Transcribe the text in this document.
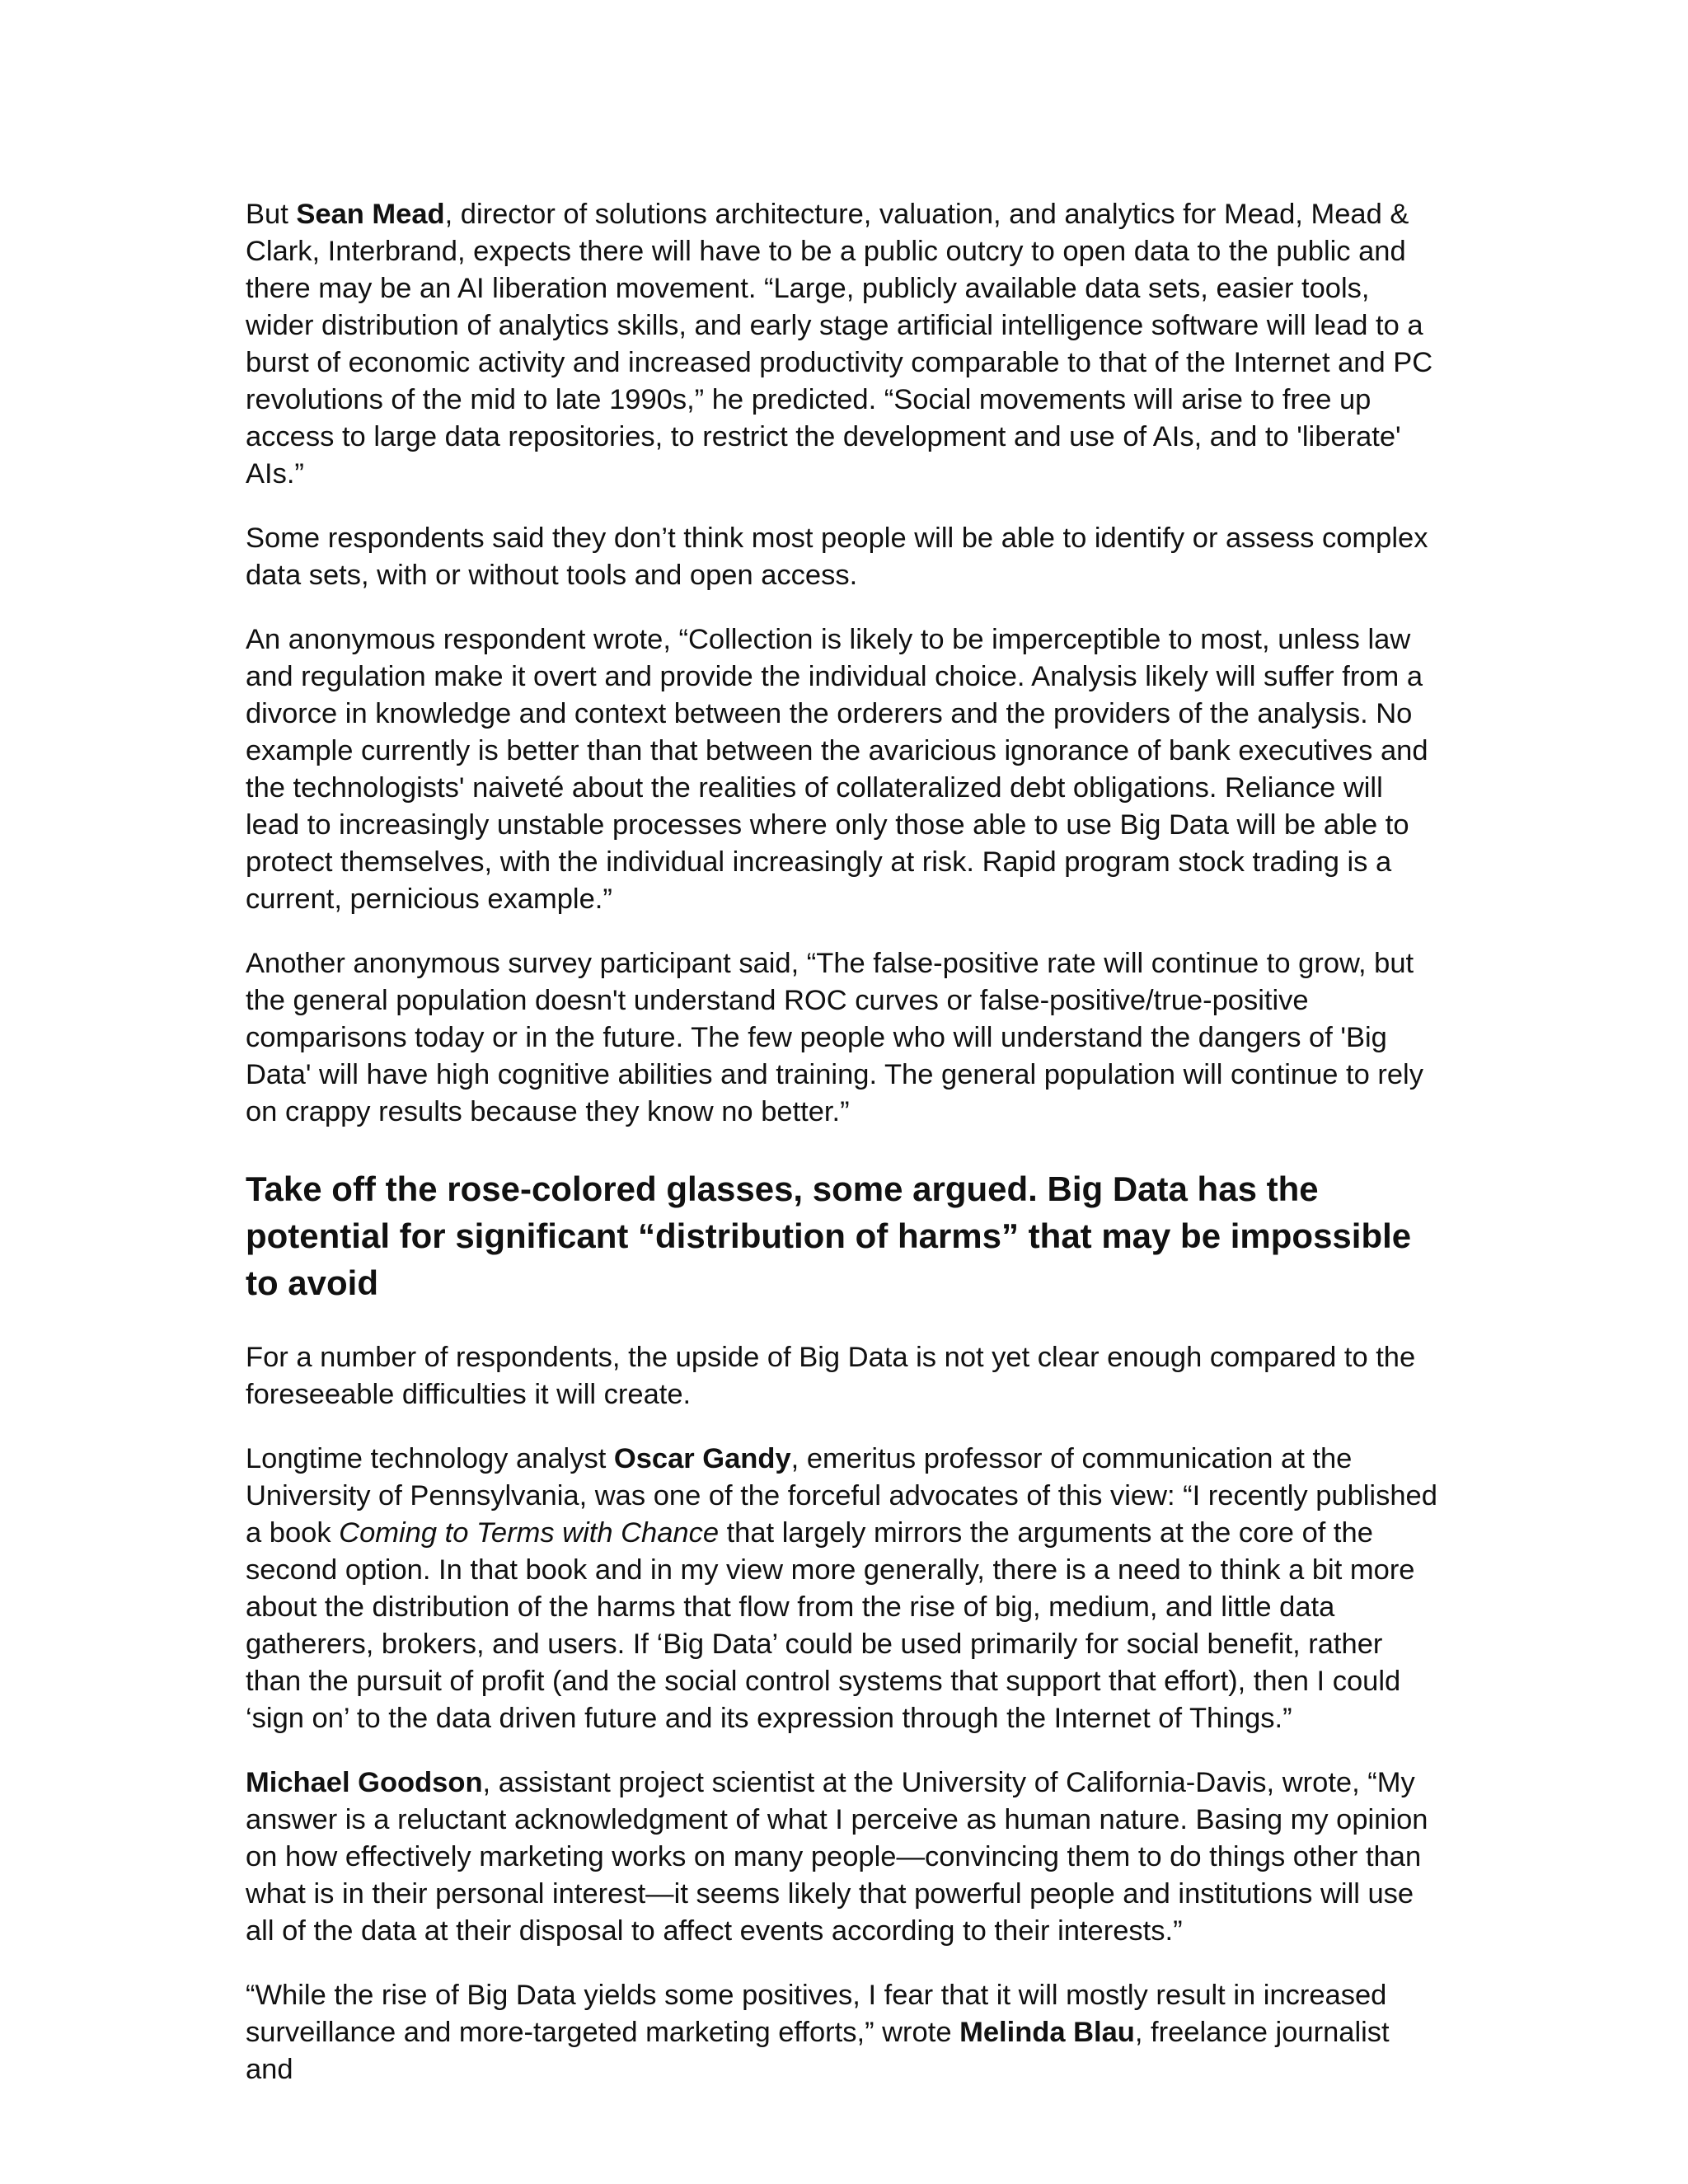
But Sean Mead, director of solutions architecture, valuation, and analytics for Mead, Mead & Clark, Interbrand, expects there will have to be a public outcry to open data to the public and there may be an AI liberation movement. “Large, publicly available data sets, easier tools, wider distribution of analytics skills, and early stage artificial intelligence software will lead to a burst of economic activity and increased productivity comparable to that of the Internet and PC revolutions of the mid to late 1990s,” he predicted. “Social movements will arise to free up access to large data repositories, to restrict the development and use of AIs, and to 'liberate' AIs.”

Some respondents said they don’t think most people will be able to identify or assess complex data sets, with or without tools and open access.

An anonymous respondent wrote, “Collection is likely to be imperceptible to most, unless law and regulation make it overt and provide the individual choice. Analysis likely will suffer from a divorce in knowledge and context between the orderers and the providers of the analysis. No example currently is better than that between the avaricious ignorance of bank executives and the technologists' naiveté about the realities of collateralized debt obligations. Reliance will lead to increasingly unstable processes where only those able to use Big Data will be able to protect themselves, with the individual increasingly at risk. Rapid program stock trading is a current, pernicious example.”

Another anonymous survey participant said, “The false-positive rate will continue to grow, but the general population doesn't understand ROC curves or false-positive/true-positive comparisons today or in the future. The few people who will understand the dangers of 'Big Data' will have high cognitive abilities and training. The general population will continue to rely on crappy results because they know no better.”

Take off the rose-colored glasses, some argued. Big Data has the potential for significant “distribution of harms” that may be impossible to avoid

For a number of respondents, the upside of Big Data is not yet clear enough compared to the foreseeable difficulties it will create.

Longtime technology analyst Oscar Gandy, emeritus professor of communication at the University of Pennsylvania, was one of the forceful advocates of this view: “I recently published a book Coming to Terms with Chance that largely mirrors the arguments at the core of the second option. In that book and in my view more generally, there is a need to think a bit more about the distribution of the harms that flow from the rise of big, medium, and little data gatherers, brokers, and users. If ‘Big Data’ could be used primarily for social benefit, rather than the pursuit of profit (and the social control systems that support that effort), then I could ‘sign on’ to the data driven future and its expression through the Internet of Things.”

Michael Goodson, assistant project scientist at the University of California-Davis, wrote, “My answer is a reluctant acknowledgment of what I perceive as human nature. Basing my opinion on how effectively marketing works on many people—convincing them to do things other than what is in their personal interest—it seems likely that powerful people and institutions will use all of the data at their disposal to affect events according to their interests.”

“While the rise of Big Data yields some positives, I fear that it will mostly result in increased surveillance and more-targeted marketing efforts,” wrote Melinda Blau, freelance journalist and
